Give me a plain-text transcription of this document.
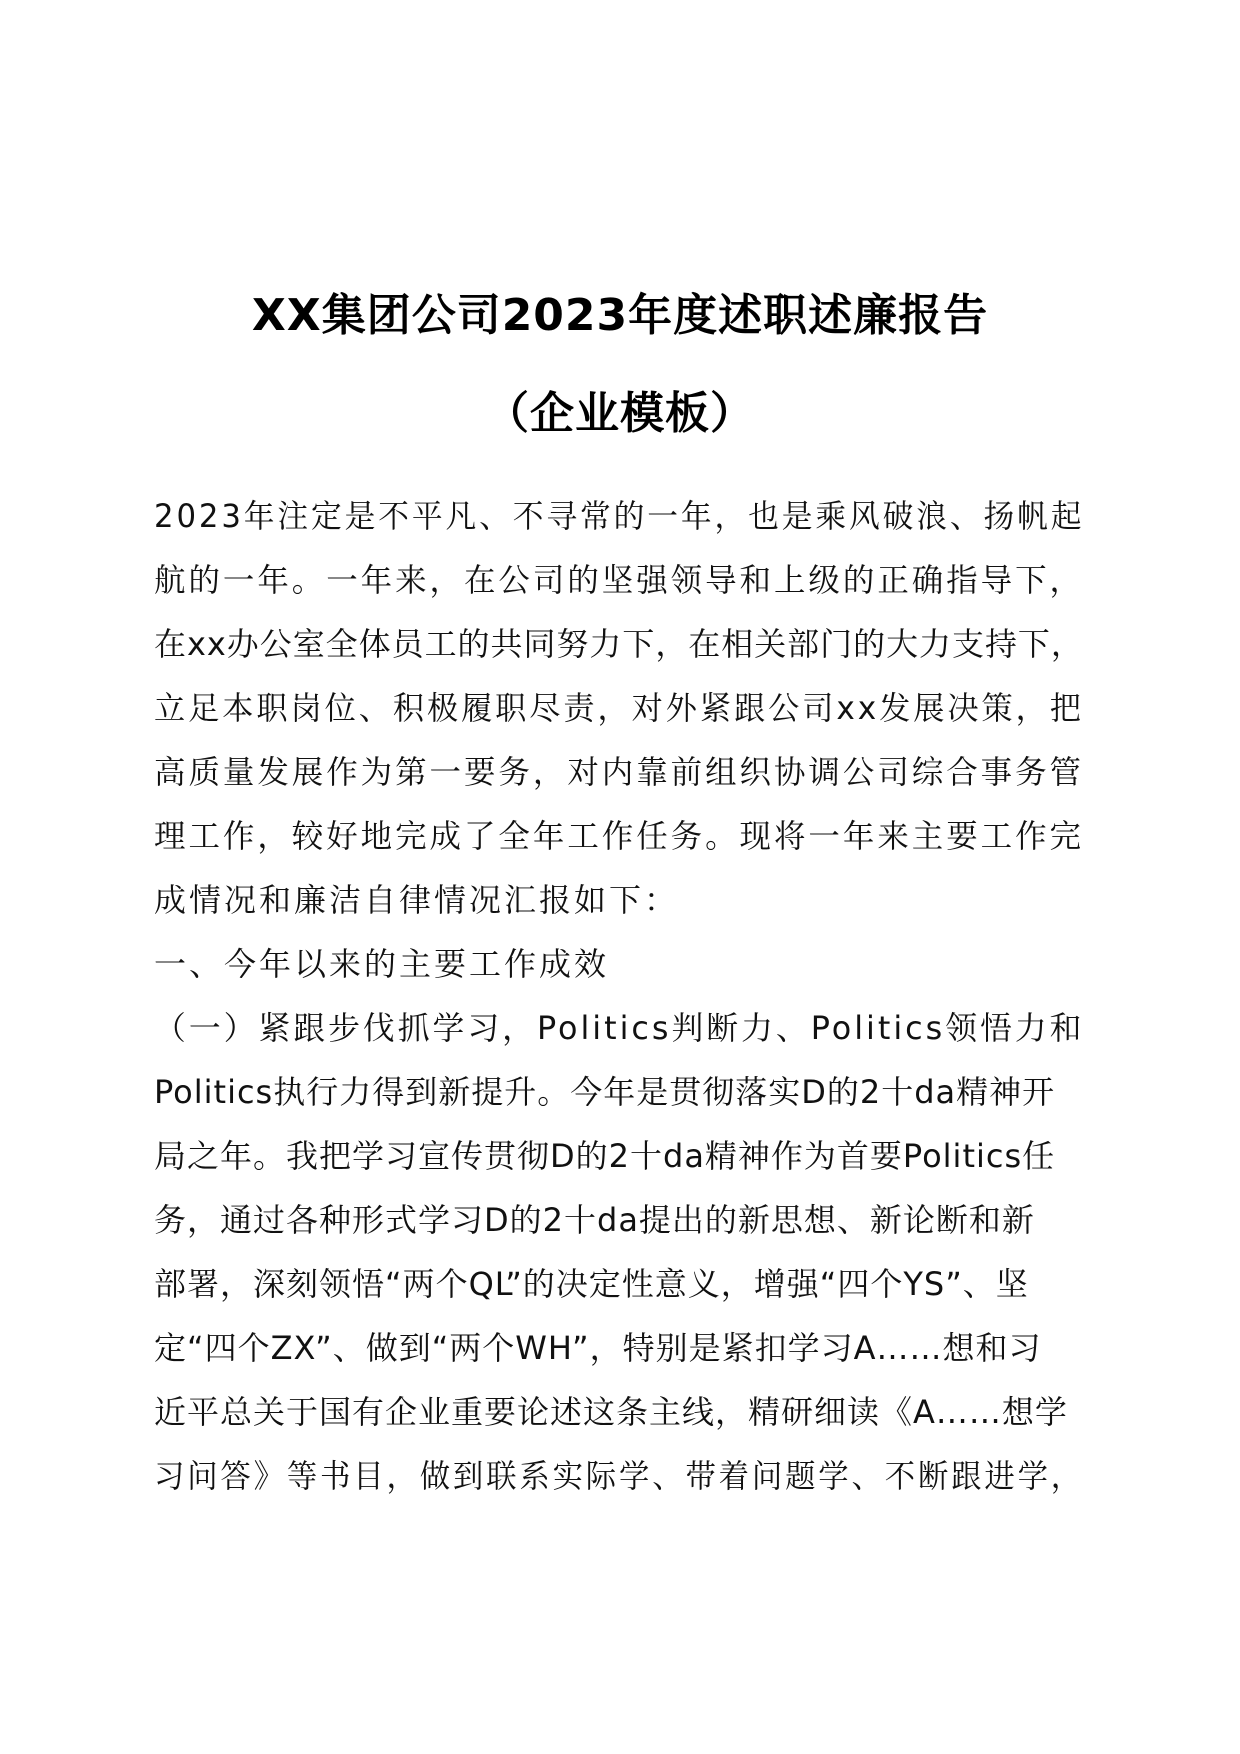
XX集团公司2023年度述职述廉报告
（企业模板）
2023年注定是不平凡、不寻常的一年，也是乘风破浪、扬帆起
航的一年。一年来，在公司的坚强领导和上级的正确指导下，
在xx办公室全体员工的共同努力下，在相关部门的大力支持下，
立足本职岗位、积极履职尽责，对外紧跟公司xx发展决策，把
高质量发展作为第一要务，对内靠前组织协调公司综合事务管
理工作，较好地完成了全年工作任务。现将一年来主要工作完
成情况和廉洁自律情况汇报如下：
一、今年以来的主要工作成效
（一）紧跟步伐抓学习，Politics判断力、Politics领悟力和
Politics执行力得到新提升。今年是贯彻落实D的2十da精神开
局之年。我把学习宣传贯彻D的2十da精神作为首要Politics任
务，通过各种形式学习D的2十da提出的新思想、新论断和新
部署，深刻领悟“两个QL”的决定性意义，增强“四个YS”、坚
定“四个ZX”、做到“两个WH”，特别是紧扣学习A……想和习
近平总关于国有企业重要论述这条主线，精研细读《A……想学
习问答》等书目，做到联系实际学、带着问题学、不断跟进学，
